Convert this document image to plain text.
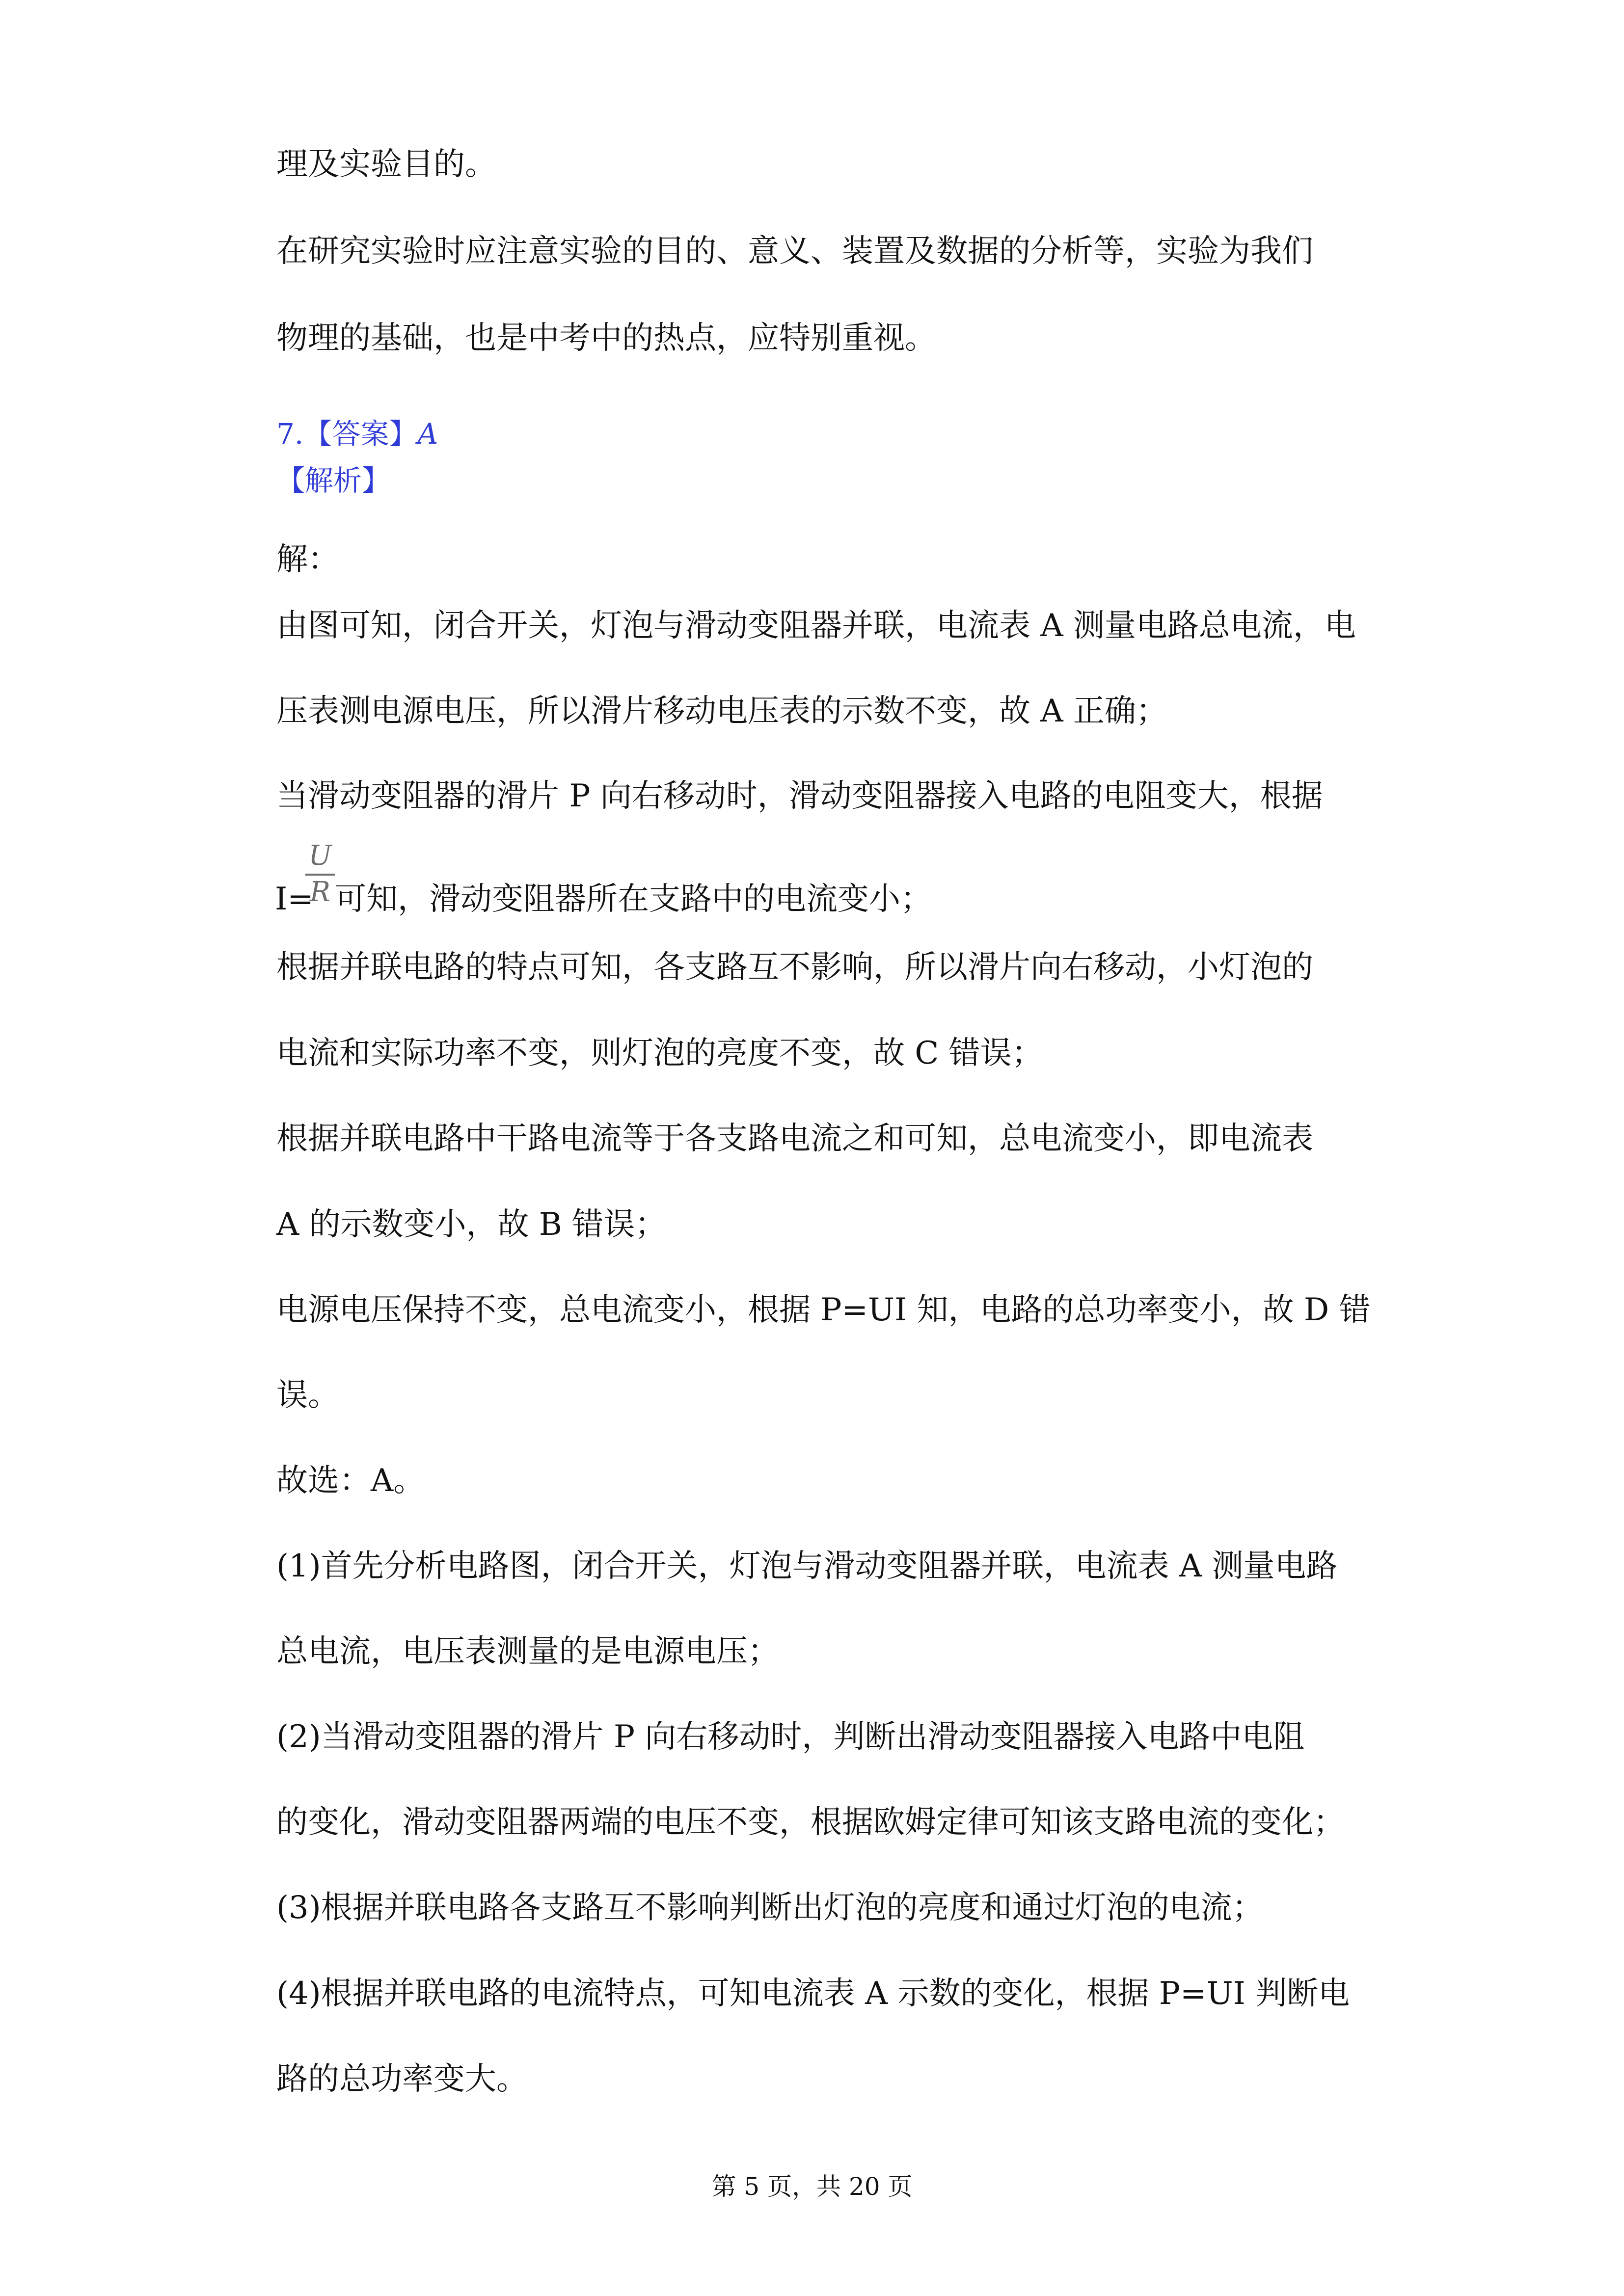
理及实验目的。
在研究实验时应注意实验的目的、意义、装置及数据的分析等，实验为我们
物理的基础，也是中考中的热点，应特别重视。
7.【答案】A
【解析】
解：
由图可知，闭合开关，灯泡与滑动变阻器并联，电流表 A 测量电路总电流，电
压表测电源电压，所以滑片移动电压表的示数不变，故 A 正确；
当滑动变阻器的滑片 P 向右移动时，滑动变阻器接入电路的电阻变大，根据
U
R
I= 可知，滑动变阻器所在支路中的电流变小；
根据并联电路的特点可知，各支路互不影响，所以滑片向右移动，小灯泡的
电流和实际功率不变，则灯泡的亮度不变，故 C 错误；
根据并联电路中干路电流等于各支路电流之和可知，总电流变小，即电流表
A 的示数变小，故 B 错误；
电源电压保持不变，总电流变小，根据 P=UI 知，电路的总功率变小，故 D 错
误。
故选：A。
(1)首先分析电路图，闭合开关，灯泡与滑动变阻器并联，电流表 A 测量电路
总电流，电压表测量的是电源电压；
(2)当滑动变阻器的滑片 P 向右移动时，判断出滑动变阻器接入电路中电阻
的变化，滑动变阻器两端的电压不变，根据欧姆定律可知该支路电流的变化；
(3)根据并联电路各支路互不影响判断出灯泡的亮度和通过灯泡的电流；
(4)根据并联电路的电流特点，可知电流表 A 示数的变化，根据 P=UI 判断电
路的总功率变大。
第 5 页，共 20 页
